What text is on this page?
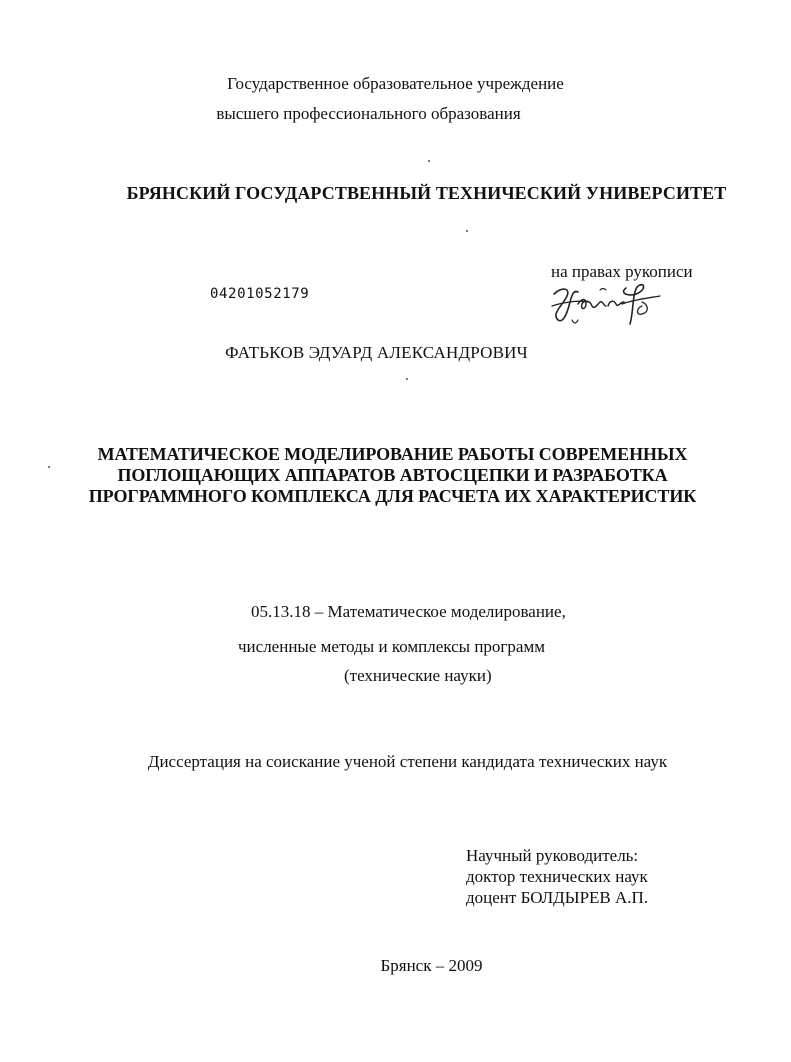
Государственное образовательное учреждение
высшего профессионального образования
БРЯНСКИЙ ГОСУДАРСТВЕННЫЙ ТЕХНИЧЕСКИЙ УНИВЕРСИТЕТ
на правах рукописи
04201052179
ФАТЬКОВ ЭДУАРД АЛЕКСАНДРОВИЧ
МАТЕМАТИЧЕСКОЕ МОДЕЛИРОВАНИЕ РАБОТЫ СОВРЕМЕННЫХ
ПОГЛОЩАЮЩИХ АППАРАТОВ АВТОСЦЕПКИ И РАЗРАБОТКА
ПРОГРАММНОГО КОМПЛЕКСА ДЛЯ РАСЧЕТА ИХ ХАРАКТЕРИСТИК
05.13.18 – Математическое моделирование,
численные методы и комплексы программ
(технические науки)
Диссертация на соискание ученой степени кандидата технических наук
Научный руководитель:
доктор технических наук
доцент БОЛДЫРЕВ А.П.
Брянск – 2009
